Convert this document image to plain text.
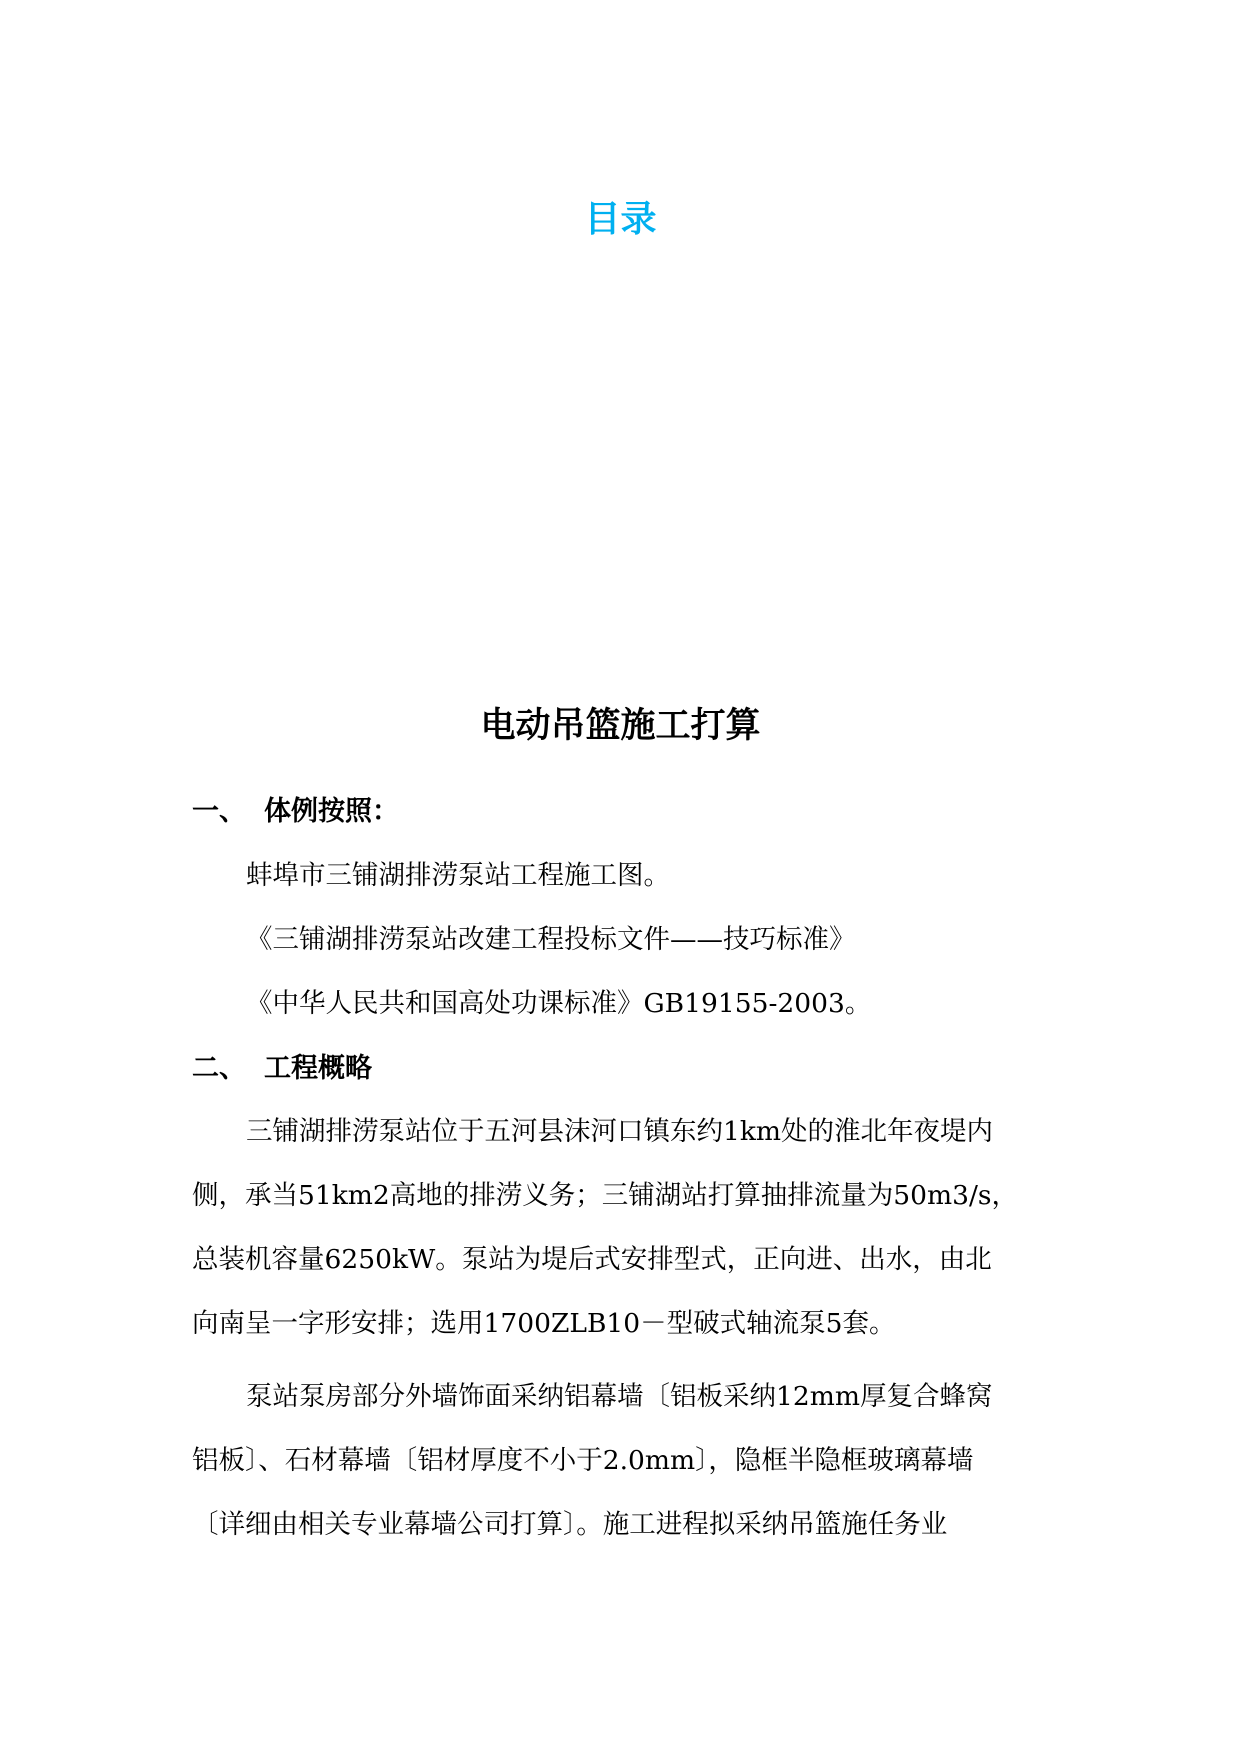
目录
电动吊篮施工打算
一、 体例按照：

蚌埠市三铺湖排涝泵站工程施工图。

《三铺湖排涝泵站改建工程投标文件——技巧标准》

《中华人民共和国高处功课标准》GB19155-2003。

二、 工程概略

三铺湖排涝泵站位于五河县沫河口镇东约1km处的淮北年夜堤内

侧，承当51km2高地的排涝义务；三铺湖站打算抽排流量为50m3/s，

总装机容量6250kW。泵站为堤后式安排型式，正向进、出水，由北

向南呈一字形安排；选用1700ZLB10－型破式轴流泵5套。

泵站泵房部分外墙饰面采纳铝幕墙〔铝板采纳12mm厚复合蜂窝

铝板〕、石材幕墙〔铝材厚度不小于2.0mm〕，隐框半隐框玻璃幕墙

〔详细由相关专业幕墙公司打算〕。施工进程拟采纳吊篮施任务业
